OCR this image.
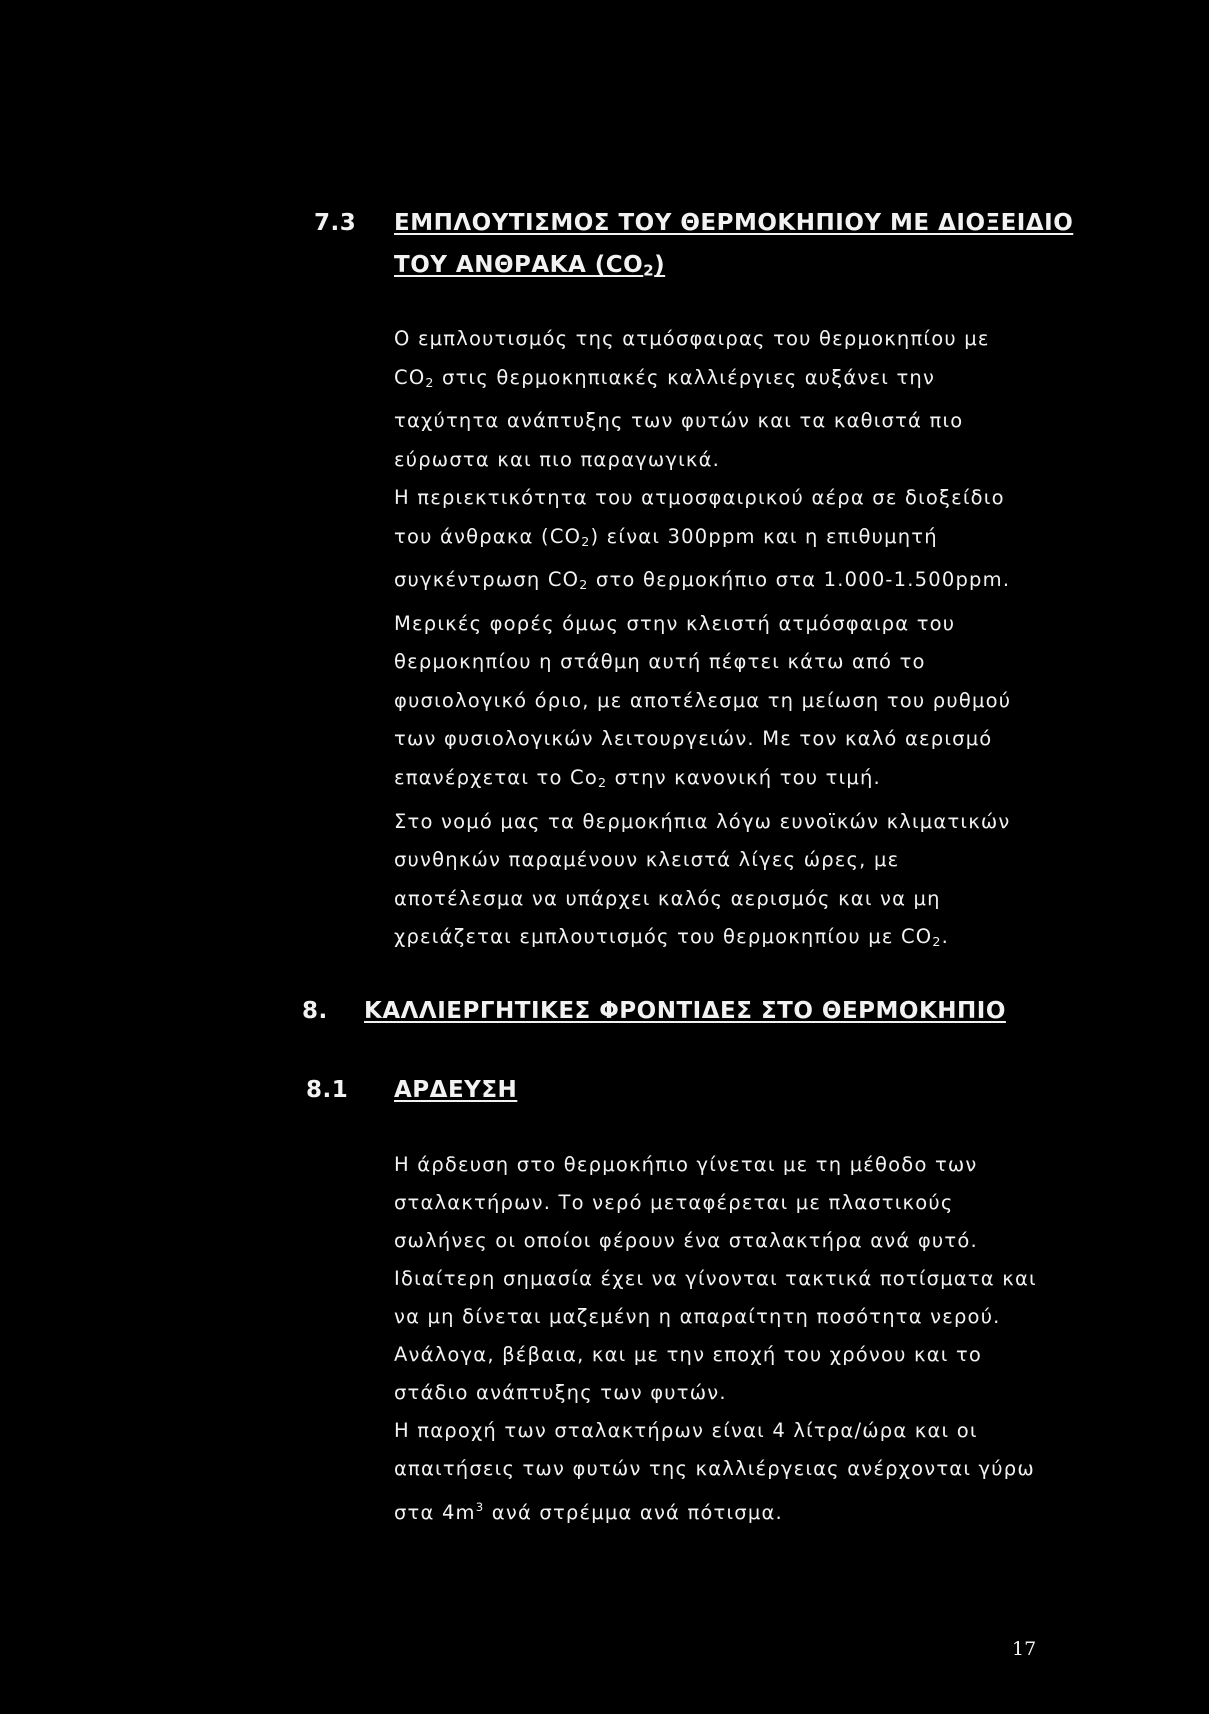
7.3 ΕΜΠΛΟΥΤΙΣΜΟΣ ΤΟΥ ΘΕΡΜΟΚΗΠΙΟΥ ΜΕ ΔΙΟΞΕΙΔΙΟ
ΤΟΥ ΑΝΘΡΑΚΑ $(CO_2)$
Ο εμπλουτισμός της ατμόσφαιρας του θερμοκηπίου με
$CO_2$ στις θερμοκηπιακές καλλιέργιες αυξάνει την
ταχύτητα ανάπτυξης των φυτών και τα καθιστά πιο
εύρωστα και πιο παραγωγικά.
Η περιεκτικότητα του ατμοσφαιρικού αέρα σε διοξείδιο
του άνθρακα $(CO_2)$ είναι 300ppm και η επιθυμητή
συγκέντρωση $CO_2$ στο θερμοκήπιο στα 1.000-1.500ppm.
Μερικές φορές όμως στην κλειστή ατμόσφαιρα του
θερμοκηπίου η στάθμη αυτή πέφτει κάτω από το
φυσιολογικό όριο, με αποτέλεσμα τη μείωση του ρυθμού
των φυσιολογικών λειτουργειών. Με τον καλό αερισμό
επανέρχεται το $Co_2$ στην κανονική του τιμή.
Στο νομό μας τα θερμοκήπια λόγω ευνοϊκών κλιματικών
συνθηκών παραμένουν κλειστά λίγες ώρες, με
αποτέλεσμα να υπάρχει καλός αερισμός και να μη
χρειάζεται εμπλουτισμός του θερμοκηπίου με $CO_2$.
8. ΚΑΛΛΙΕΡΓΗΤΙΚΕΣ ΦΡΟΝΤΙΔΕΣ ΣΤΟ ΘΕΡΜΟΚΗΠΙΟ
8.1 ΑΡΔΕΥΣΗ
Η άρδευση στο θερμοκήπιο γίνεται με τη μέθοδο των
σταλακτήρων. Το νερό μεταφέρεται με πλαστικούς
σωλήνες οι οποίοι φέρουν ένα σταλακτήρα ανά φυτό.
Ιδιαίτερη σημασία έχει να γίνονται τακτικά ποτίσματα και
να μη δίνεται μαζεμένη η απαραίτητη ποσότητα νερού.
Ανάλογα, βέβαια, και με την εποχή του χρόνου και το
στάδιο ανάπτυξης των φυτών.
Η παροχή των σταλακτήρων είναι 4 λίτρα/ώρα και οι
απαιτήσεις των φυτών της καλλιέργειας ανέρχονται γύρω
στα $4m^3$ ανά στρέμμα ανά πότισμα.
17
